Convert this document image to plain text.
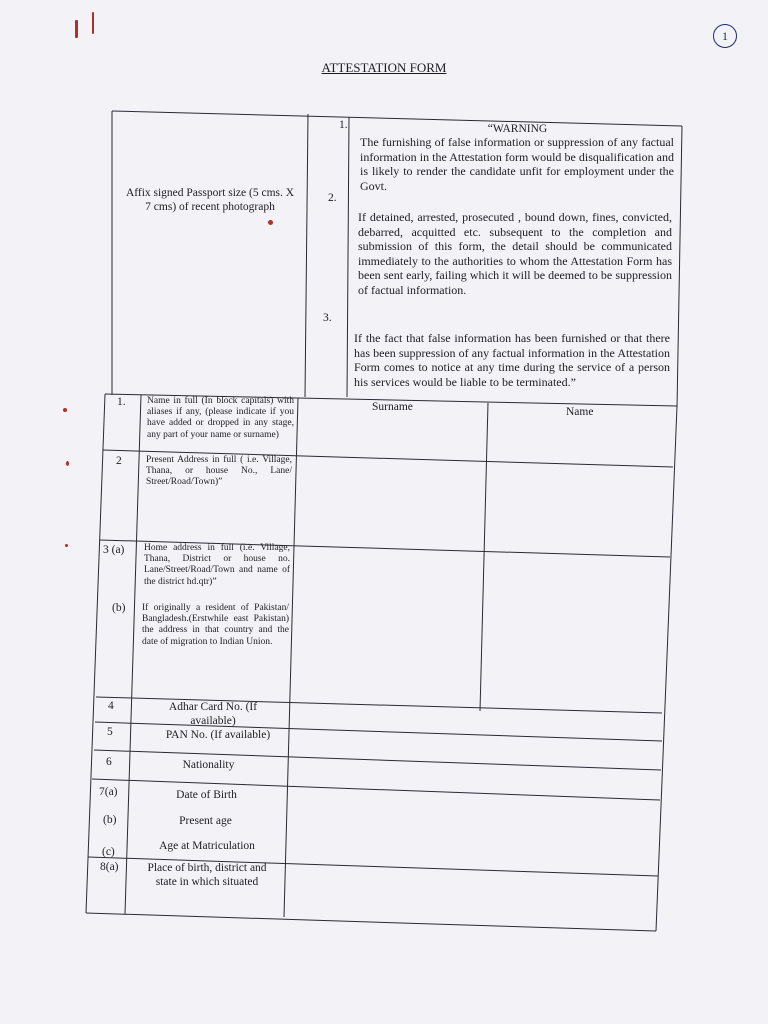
1
ATTESTATION FORM
Affix signed Passport size (5 cms. X 7 cms) of recent photograph
1.
2.
3.
“WARNING
The furnishing of false information or suppression of any factual information in the Attestation form would be disqualification and is likely to render the candidate unfit for employment under the Govt.
If detained, arrested, prosecuted , bound down, fines, convicted, debarred, acquitted etc. subsequent to the completion and submission of this form, the detail should be communicated immediately to the authorities to whom the Attestation Form has been sent early, failing which it will be deemed to be suppression of factual information.
If the fact that false information has been furnished or that there has been suppression of any factual information in the Attestation Form comes to notice at any time during the service of a person his services would be liable to be terminated.”
Surname	Name
1. Name in full (In block capitals) with aliases if any, (please indicate if you have added or dropped in any stage, any part of your name or surname)
2	Present Address in full ( i.e. Village, Thana, or house No., Lane/ Street/Road/Town)”
3 (a) Home address in full (i.e. Village, Thana, District or house no. Lane/Street/Road/Town and name of the district hd.qtr)”
(b) If originally a resident of Pakistan/ Bangladesh.(Erstwhile east Pakistan) the address in that country and the date of migration to Indian Union.
4	Adhar Card No. (If available)
5	PAN No. (If available)
6	Nationality
7(a)	Date of Birth
(b)	Present age
(c)	Age at Matriculation
8(a)	Place of birth, district and state in which situated
